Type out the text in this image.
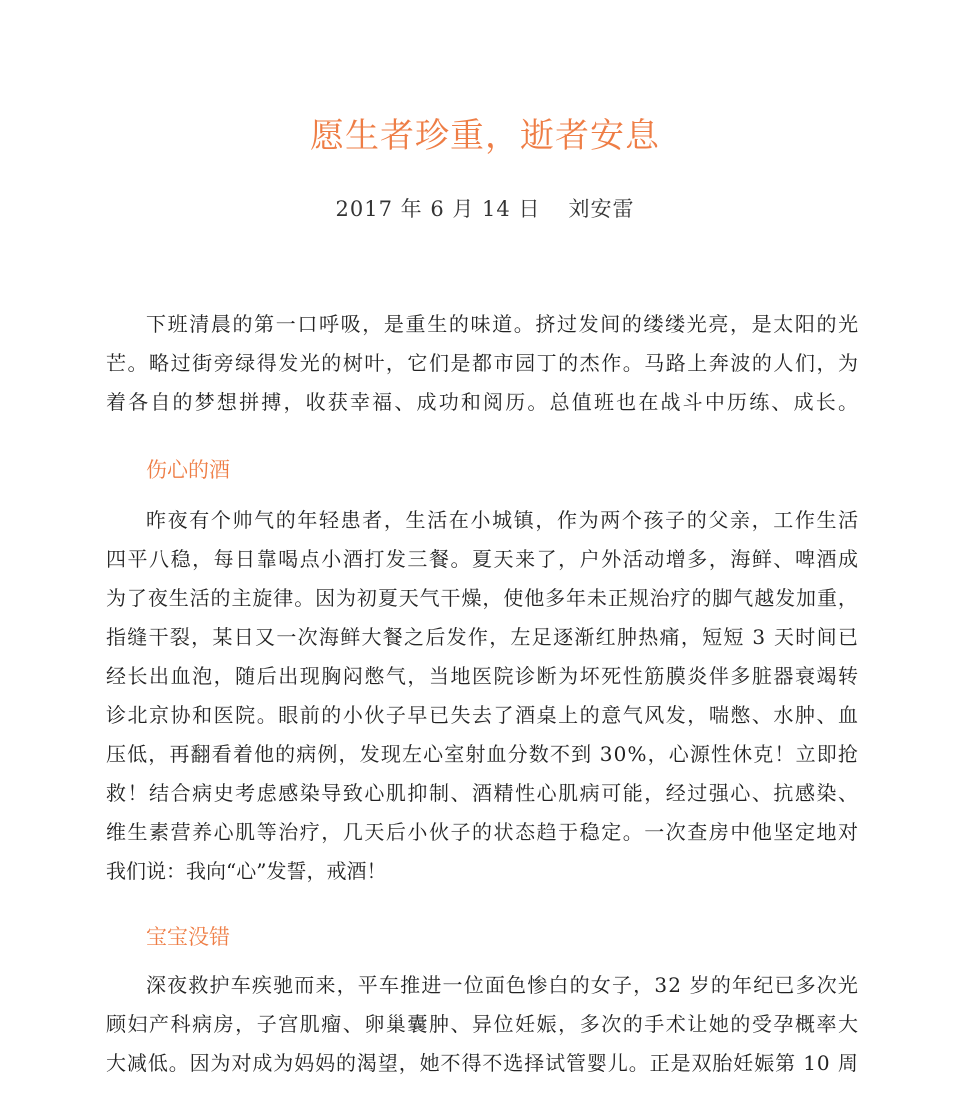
愿生者珍重，逝者安息
2017 年 6 月 14 日 刘安雷
下班清晨的第一口呼吸，是重生的味道。挤过发间的缕缕光亮，是太阳的光
芒。略过街旁绿得发光的树叶，它们是都市园丁的杰作。马路上奔波的人们，为
着各自的梦想拼搏，收获幸福、成功和阅历。总值班也在战斗中历练、成长。
伤心的酒
昨夜有个帅气的年轻患者，生活在小城镇，作为两个孩子的父亲，工作生活
四平八稳，每日靠喝点小酒打发三餐。夏天来了，户外活动增多，海鲜、啤酒成
为了夜生活的主旋律。因为初夏天气干燥，使他多年未正规治疗的脚气越发加重，
指缝干裂，某日又一次海鲜大餐之后发作，左足逐渐红肿热痛，短短 3 天时间已
经长出血泡，随后出现胸闷憋气，当地医院诊断为坏死性筋膜炎伴多脏器衰竭转
诊北京协和医院。眼前的小伙子早已失去了酒桌上的意气风发，喘憋、水肿、血
压低，再翻看着他的病例，发现左心室射血分数不到 30%，心源性休克！立即抢
救！结合病史考虑感染导致心肌抑制、酒精性心肌病可能，经过强心、抗感染、
维生素营养心肌等治疗，几天后小伙子的状态趋于稳定。一次查房中他坚定地对
我们说：我向“心”发誓，戒酒！
宝宝没错
深夜救护车疾驰而来，平车推进一位面色惨白的女子，32 岁的年纪已多次光
顾妇产科病房，子宫肌瘤、卵巢囊肿、异位妊娠，多次的手术让她的受孕概率大
大减低。因为对成为妈妈的渴望，她不得不选择试管婴儿。正是双胎妊娠第 10 周
